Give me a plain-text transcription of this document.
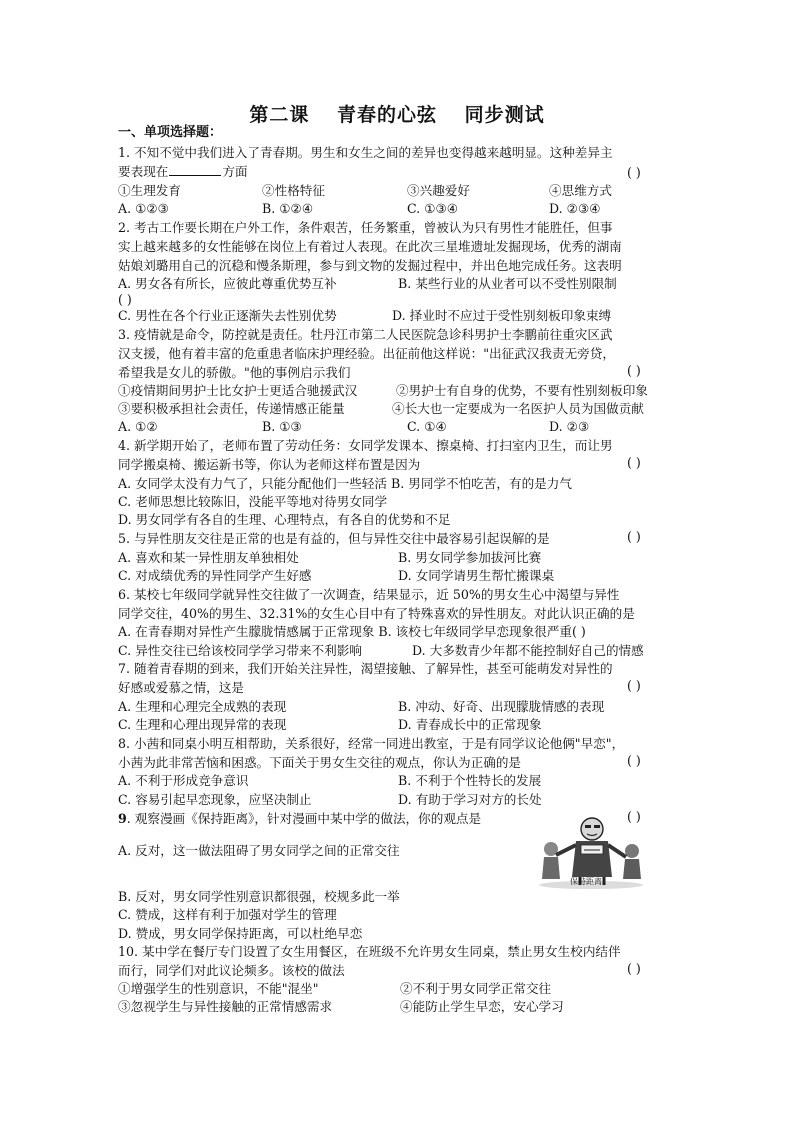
第二课 青春的心弦 同步测试
一、单项选择题：
1. 不知不觉中我们进入了青春期。男生和女生之间的差异也变得越来越明显。这种差异主
要表现在	方面	( )
①生理发育	②性格特征	③兴趣爱好	④思维方式
A. ①②③	B. ①②④	C. ①③④	D. ②③④
2. 考古工作要长期在户外工作，条件艰苦，任务繁重，曾被认为只有男性才能胜任，但事
实上越来越多的女性能够在岗位上有着过人表现。在此次三星堆遗址发掘现场，优秀的湖南
姑娘刘璐用自己的沉稳和慢条斯理，参与到文物的发掘过程中，并出色地完成任务。这表明
A. 男女各有所长，应彼此尊重优势互补	B. 某些行业的从业者可以不受性别限制
( )
C. 男性在各个行业正逐渐失去性别优势	D. 择业时不应过于受性别刻板印象束缚
3. 疫情就是命令，防控就是责任。牡丹江市第二人民医院急诊科男护士李鹏前往重灾区武
汉支援，他有着丰富的危重患者临床护理经验。出征前他这样说："出征武汉我责无旁贷，
希望我是女儿的骄傲。"他的事例启示我们	( )
①疫情期间男护士比女护士更适合驰援武汉	②男护士有自身的优势，不要有性别刻板印象
③要积极承担社会责任，传递情感正能量	④长大也一定要成为一名医护人员为国做贡献
A. ①②	B. ①③	C. ①④	D. ②③
4. 新学期开始了，老师布置了劳动任务：女同学发课本、擦桌椅、打扫室内卫生，而让男
同学搬桌椅、搬运新书等，你认为老师这样布置是因为	( )
A. 女同学太没有力气了，只能分配他们一些轻活 B. 男同学不怕吃苦，有的是力气
C. 老师思想比较陈旧，没能平等地对待男女同学
D. 男女同学有各自的生理、心理特点，有各自的优势和不足
5. 与异性朋友交往是正常的也是有益的，但与异性交往中最容易引起误解的是	( )
A. 喜欢和某一异性朋友单独相处	B. 男女同学参加拔河比赛
C. 对成绩优秀的异性同学产生好感	D. 女同学请男生帮忙搬课桌
6. 某校七年级同学就异性交往做了一次调查，结果显示，近 50%的男女生心中渴望与异性
同学交往，40%的男生、32.31%的女生心目中有了特殊喜欢的异性朋友。对此认识正确的是
A. 在青春期对异性产生朦胧情感属于正常现象 B. 该校七年级同学早恋现象很严重( )
C. 异性交往已给该校同学学习带来不利影响	D. 大多数青少年都不能控制好自己的情感
7. 随着青春期的到来，我们开始关注异性，渴望接触、了解异性，甚至可能萌发对异性的
好感或爱慕之情，这是	( )
A. 生理和心理完全成熟的表现	B. 冲动、好奇、出现朦胧情感的表现
C. 生理和心理出现异常的表现	D. 青春成长中的正常现象
8. 小茜和同桌小明互相帮助，关系很好，经常一同进出教室，于是有同学议论他俩"早恋"，
小茜为此非常苦恼和困惑。下面关于男女生交往的观点，你认为正确的是	( )
A. 不利于形成竞争意识	B. 不利于个性特长的发展
C. 容易引起早恋现象，应坚决制止	D. 有助于学习对方的长处
9. 观察漫画《保持距离》，针对漫画中某中学的做法，你的观点是	( )
A. 反对，这一做法阻碍了男女同学之间的正常交往
保持距离
B. 反对，男女同学性别意识都很强，校规多此一举
C. 赞成，这样有利于加强对学生的管理
D. 赞成，男女同学保持距离，可以杜绝早恋
10. 某中学在餐厅专门设置了女生用餐区，在班级不允许男女生同桌，禁止男女生校内结伴
而行，同学们对此议论频多。该校的做法	( )
①增强学生的性别意识，不能"混坐"	②不利于男女同学正常交往
③忽视学生与异性接触的正常情感需求	④能防止学生早恋，安心学习
